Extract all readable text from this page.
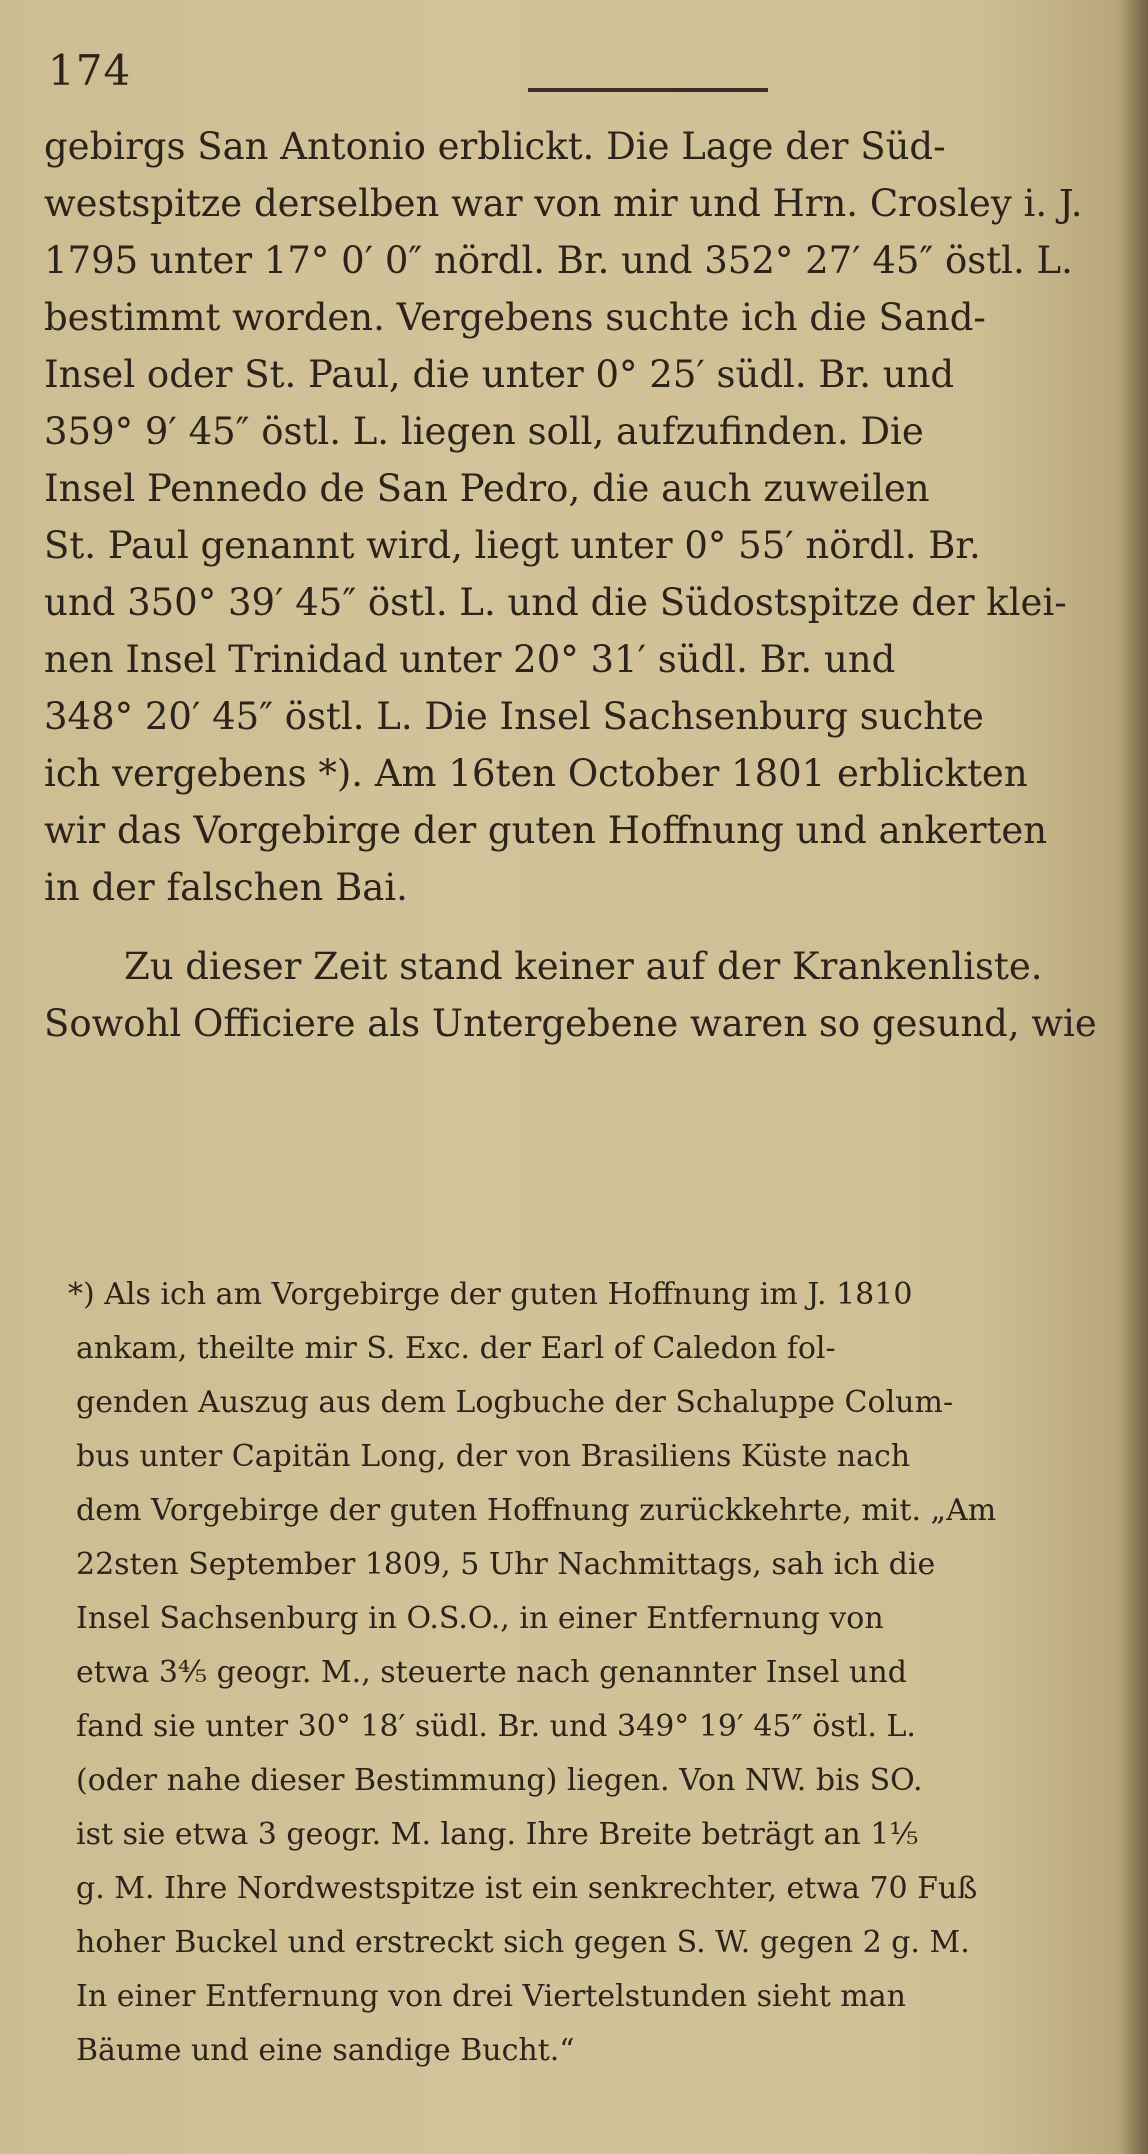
174
gebirgs San Antonio erblickt. Die Lage der Süd-
westspitze derselben war von mir und Hrn. Crosley i. J.
1795 unter 17° 0′ 0″ nördl. Br. und 352° 27′ 45″ östl. L.
bestimmt worden. Vergebens suchte ich die Sand-
Insel oder St. Paul, die unter 0° 25′ südl. Br. und
359° 9′ 45″ östl. L. liegen soll, aufzufinden. Die
Insel Pennedo de San Pedro, die auch zuweilen
St. Paul genannt wird, liegt unter 0° 55′ nördl. Br.
und 350° 39′ 45″ östl. L. und die Südostspitze der klei-
nen Insel Trinidad unter 20° 31′ südl. Br. und
348° 20′ 45″ östl. L. Die Insel Sachsenburg suchte
ich vergebens *). Am 16ten October 1801 erblickten
wir das Vorgebirge der guten Hoffnung und ankerten
in der falschen Bai.
Zu dieser Zeit stand keiner auf der Krankenliste.
Sowohl Officiere als Untergebene waren so gesund, wie
*) Als ich am Vorgebirge der guten Hoffnung im J. 1810
ankam, theilte mir S. Exc. der Earl of Caledon fol-
genden Auszug aus dem Logbuche der Schaluppe Colum-
bus unter Capitän Long, der von Brasiliens Küste nach
dem Vorgebirge der guten Hoffnung zurückkehrte, mit. „Am
22sten September 1809, 5 Uhr Nachmittags, sah ich die
Insel Sachsenburg in O.S.O., in einer Entfernung von
etwa 3⅘ geogr. M., steuerte nach genannter Insel und
fand sie unter 30° 18′ südl. Br. und 349° 19′ 45″ östl. L.
(oder nahe dieser Bestimmung) liegen. Von NW. bis SO.
ist sie etwa 3 geogr. M. lang. Ihre Breite beträgt an 1⅕
g. M. Ihre Nordwestspitze ist ein senkrechter, etwa 70 Fuß
hoher Buckel und erstreckt sich gegen S. W. gegen 2 g. M.
In einer Entfernung von drei Viertelstunden sieht man
Bäume und eine sandige Bucht.“
